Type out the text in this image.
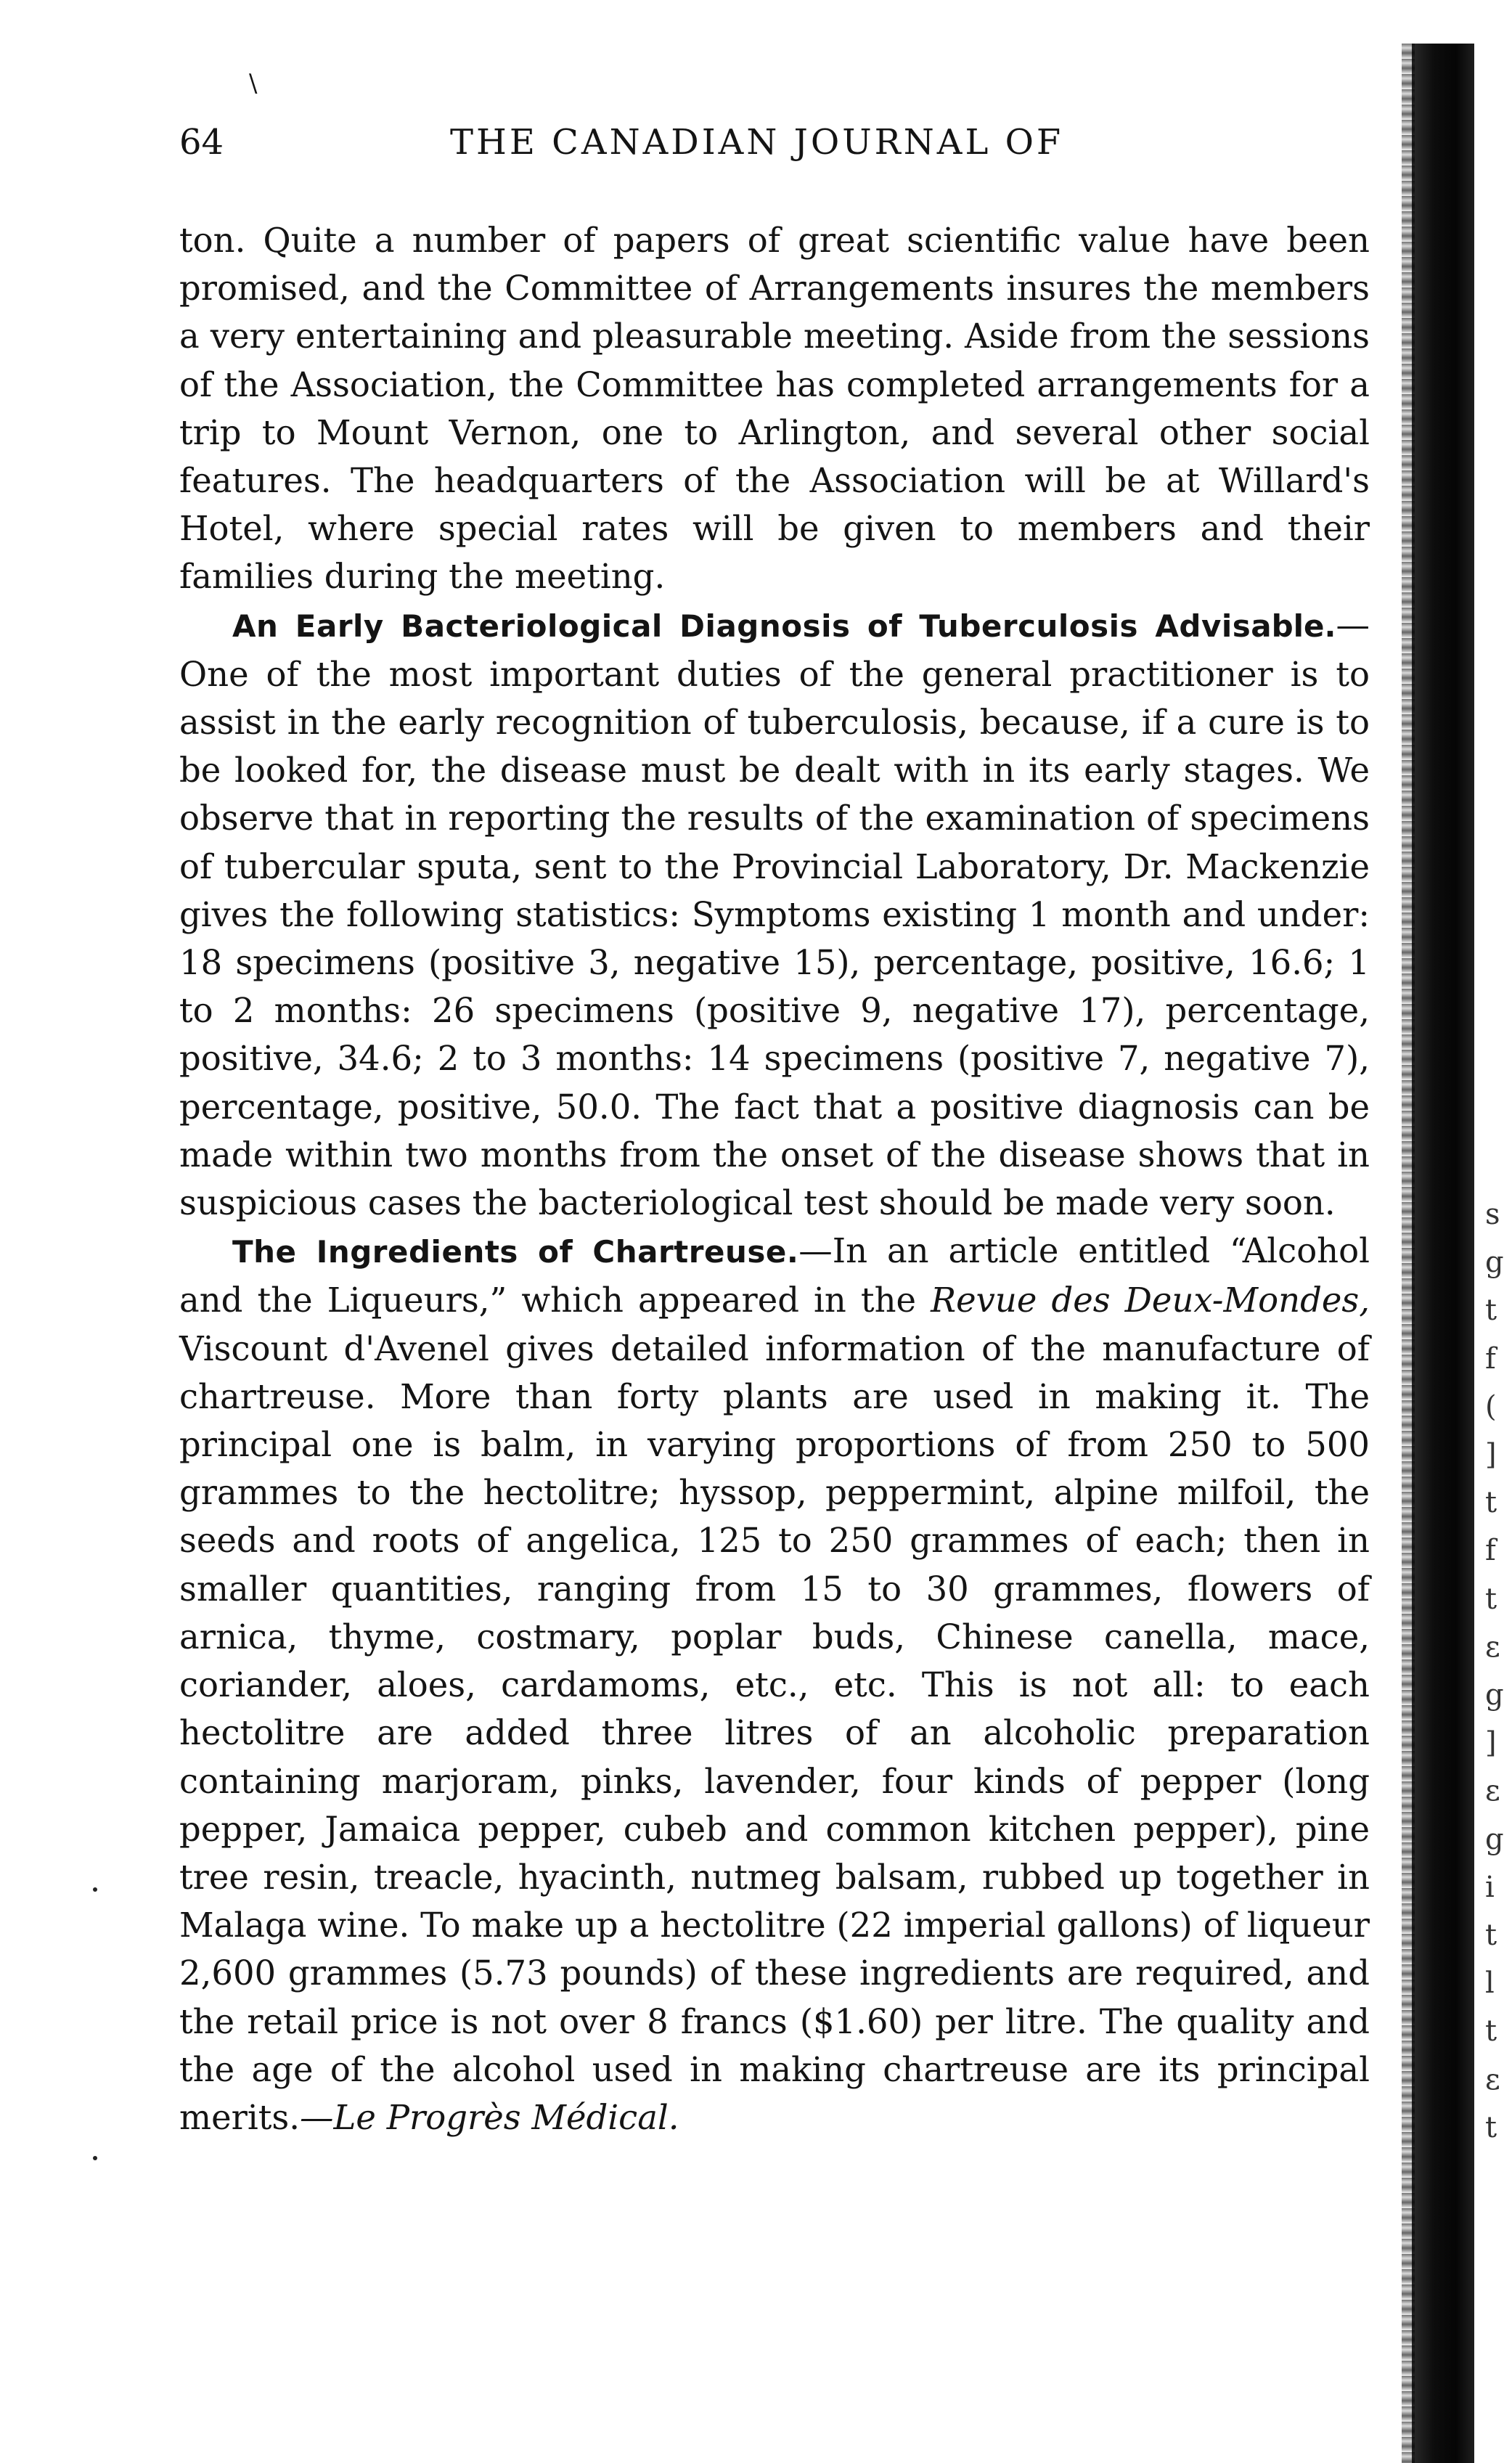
\
64	THE CANADIAN JOURNAL OF

ton. Quite a number of papers of great scientific value have been promised, and the Committee of Arrangements insures the members a very entertaining and pleasurable meeting. Aside from the sessions of the Association, the Committee has completed arrangements for a trip to Mount Vernon, one to Arlington, and several other social features. The headquarters of the Association will be at Willard's Hotel, where special rates will be given to members and their families during the meeting.

An Early Bacteriological Diagnosis of Tuberculosis Advisable.—One of the most important duties of the general practitioner is to assist in the early recognition of tuberculosis, because, if a cure is to be looked for, the disease must be dealt with in its early stages. We observe that in reporting the results of the examination of specimens of tubercular sputa, sent to the Provincial Laboratory, Dr. Mackenzie gives the following statistics: Symptoms existing 1 month and under: 18 specimens (positive 3, negative 15), percentage, positive, 16.6; 1 to 2 months: 26 specimens (positive 9, negative 17), percentage, positive, 34.6; 2 to 3 months: 14 specimens (positive 7, negative 7), percentage, positive, 50.0. The fact that a positive diagnosis can be made within two months from the onset of the disease shows that in suspicious cases the bacteriological test should be made very soon.

The Ingredients of Chartreuse.—In an article entitled “Alcohol and the Liqueurs,” which appeared in the Revue des Deux-Mondes, Viscount d'Avenel gives detailed information of the manufacture of chartreuse. More than forty plants are used in making it. The principal one is balm, in varying proportions of from 250 to 500 grammes to the hectolitre; hyssop, peppermint, alpine milfoil, the seeds and roots of angelica, 125 to 250 grammes of each; then in smaller quantities, ranging from 15 to 30 grammes, flowers of arnica, thyme, costmary, poplar buds, Chinese canella, mace, coriander, aloes, cardamoms, etc., etc. This is not all: to each hectolitre are added three litres of an alcoholic preparation containing marjoram, pinks, lavender, four kinds of pepper (long pepper, Jamaica pepper, cubeb and common kitchen pepper), pine tree resin, treacle, hyacinth, nutmeg balsam, rubbed up together in Malaga wine. To make up a hectolitre (22 imperial gallons) of liqueur 2,600 grammes (5.73 pounds) of these ingredients are required, and the retail price is not over 8 francs ($1.60) per litre. The quality and the age of the alcohol used in making chartreuse are its principal merits.—Le Progrès Médical.

s
g
t
f
(
]
t
f
t
ε
g
]
ε
g
i
t
l
t
ε
t
